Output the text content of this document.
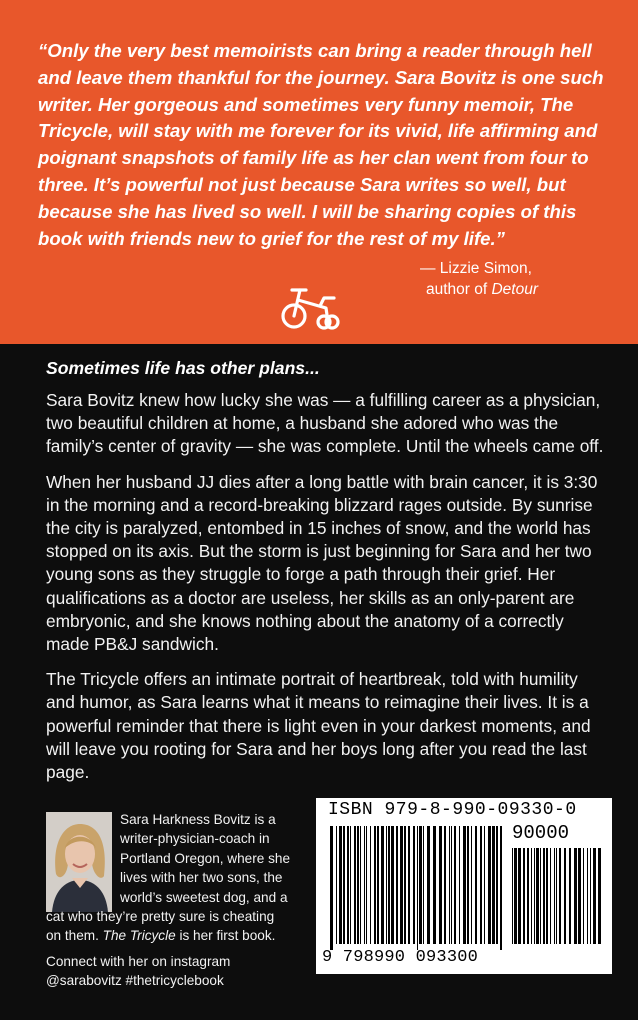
“Only the very best memoirists can bring a reader through hell and leave them thankful for the journey. Sara Bovitz is one such writer. Her gorgeous and sometimes very funny memoir, The Tricycle, will stay with me forever for its vivid, life affirming and poignant snapshots of family life as her clan went from four to three. It’s powerful not just because Sara writes so well, but because she has lived so well. I will be sharing copies of this book with friends new to grief for the rest of my life.”

— Lizzie Simon,
author of Detour

Sometimes life has other plans...

Sara Bovitz knew how lucky she was — a fulfilling career as a physician, two beautiful children at home, a husband she adored who was the family’s center of gravity — she was complete. Until the wheels came off.

When her husband JJ dies after a long battle with brain cancer, it is 3:30 in the morning and a record-breaking blizzard rages outside. By sunrise the city is paralyzed, entombed in 15 inches of snow, and the world has stopped on its axis. But the storm is just beginning for Sara and her two young sons as they struggle to forge a path through their grief. Her qualifications as a doctor are useless, her skills as an only-parent are embryonic, and she knows nothing about the anatomy of a correctly made PB&J sandwich.

The Tricycle offers an intimate portrait of heartbreak, told with humility and humor, as Sara learns what it means to reimagine their lives. It is a powerful reminder that there is light even in your darkest moments, and will leave you rooting for Sara and her boys long after you read the last page.

Sara Harkness Bovitz is a
writer-physician-coach in
Portland Oregon, where she
lives with her two sons, the
world’s sweetest dog, and a
cat who they’re pretty sure is cheating
on them. The Tricycle is her first book.
Connect with her on instagram
@sarabovitz #thetricyclebook
ISBN 979-8-990-09330-0
90000
9 798990 093300
